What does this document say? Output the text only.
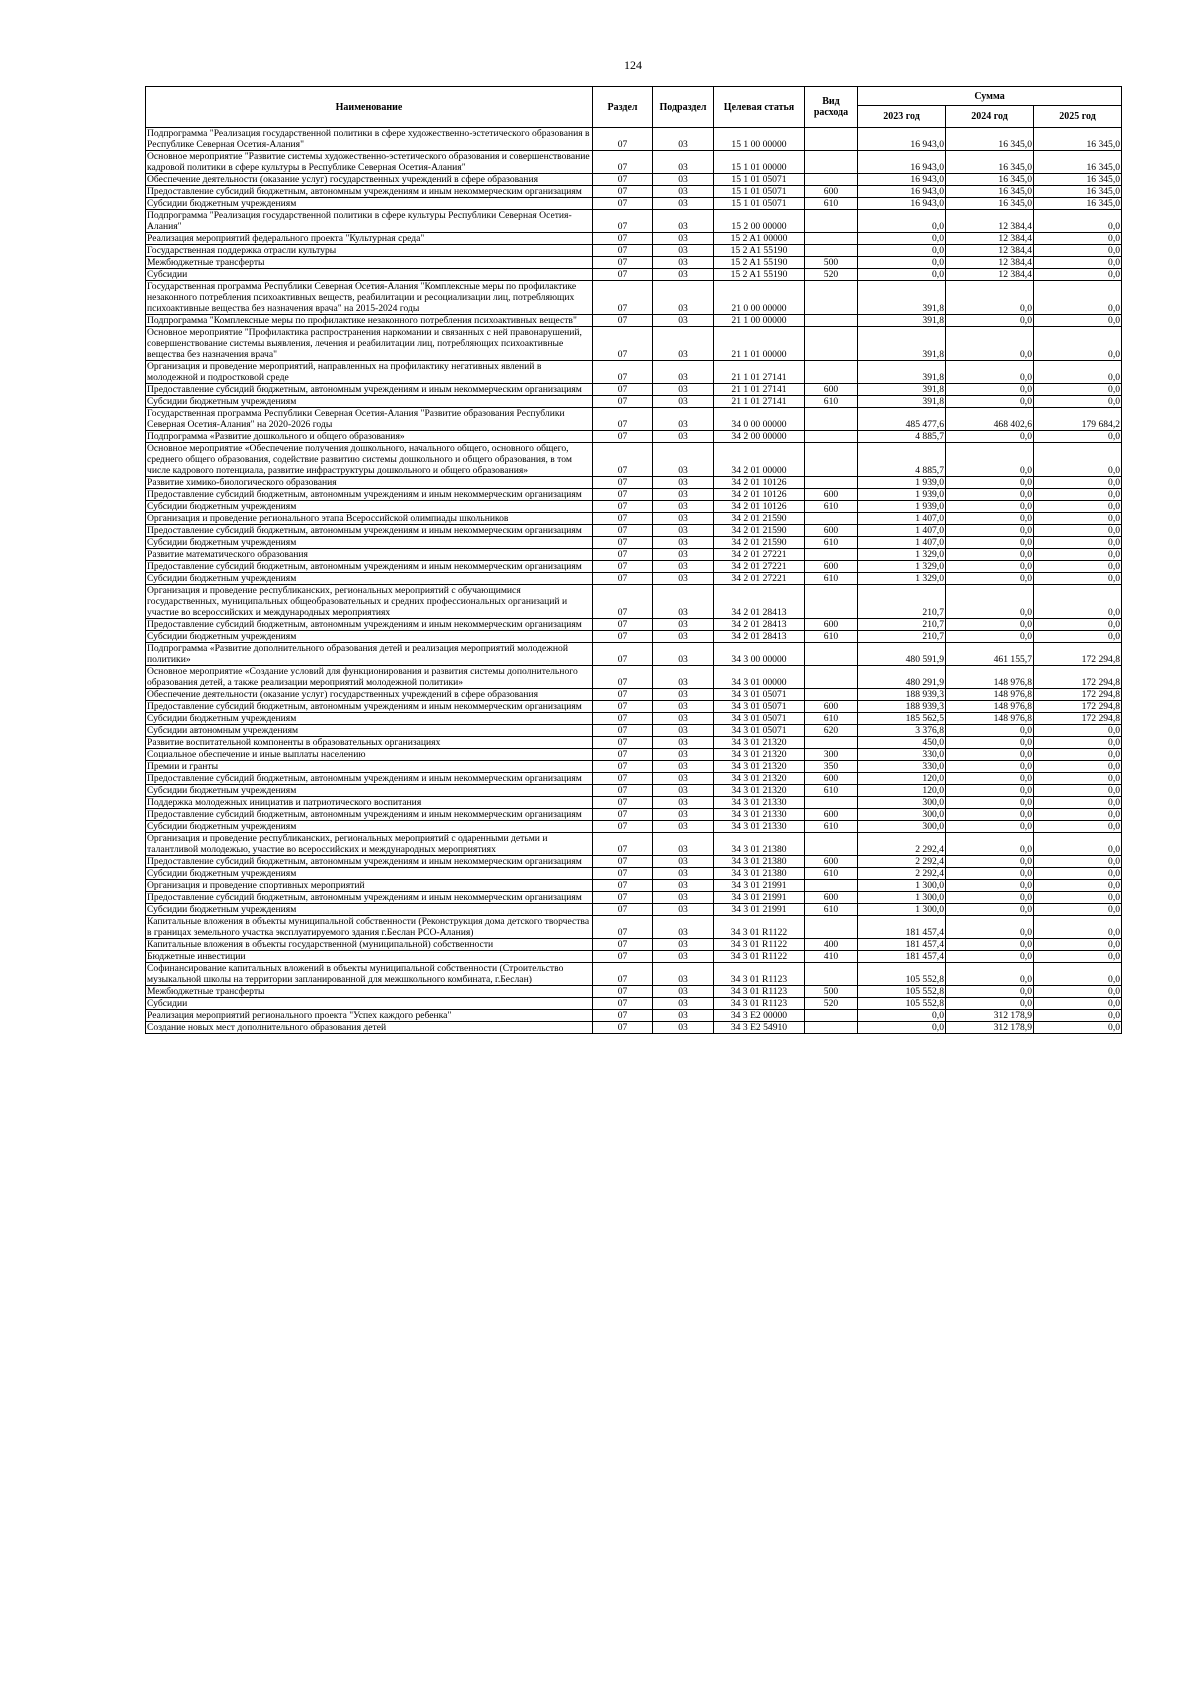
124
Наименование	Раздел	Подраздел	Целевая статья	Вид расхода	Сумма		
					2023 год	2024 год	2025 год
Подпрограмма "Реализация государственной политики в сфере художественно-эстетического образования в Республике Северная Осетия-Алания"	07	03	15 1 00 00000		16 943,0	16 345,0	16 345,0
Основное мероприятие "Развитие системы художественно-эстетического образования и совершенствование кадровой политики в сфере культуры в Республике Северная Осетия-Алания"	07	03	15 1 01 00000		16 943,0	16 345,0	16 345,0
Обеспечение деятельности (оказание услуг) государственных учреждений в сфере образования	07	03	15 1 01 05071		16 943,0	16 345,0	16 345,0
Предоставление субсидий бюджетным, автономным учреждениям и иным некоммерческим организациям	07	03	15 1 01 05071	600	16 943,0	16 345,0	16 345,0
Субсидии бюджетным учреждениям	07	03	15 1 01 05071	610	16 943,0	16 345,0	16 345,0
Подпрограмма "Реализация государственной политики в сфере культуры Республики Северная Осетия-Алания"	07	03	15 2 00 00000		0,0	12 384,4	0,0
Реализация мероприятий федерального проекта "Культурная среда"	07	03	15 2 A1 00000		0,0	12 384,4	0,0
Государственная поддержка отрасли культуры	07	03	15 2 A1 55190		0,0	12 384,4	0,0
Межбюджетные трансферты	07	03	15 2 A1 55190	500	0,0	12 384,4	0,0
Субсидии	07	03	15 2 A1 55190	520	0,0	12 384,4	0,0
Государственная программа Республики Северная Осетия-Алания "Комплексные меры по профилактике незаконного потребления психоактивных веществ, реабилитации и ресоциализации лиц, потребляющих психоактивные вещества без назначения врача" на 2015-2024 годы	07	03	21 0 00 00000		391,8	0,0	0,0
Подпрограмма "Комплексные меры по профилактике незаконного потребления психоактивных веществ"	07	03	21 1 00 00000		391,8	0,0	0,0
Основное мероприятие "Профилактика распространения наркомании и связанных с ней правонарушений, совершенствование системы выявления, лечения и реабилитации лиц, потребляющих психоактивные вещества без назначения врача"	07	03	21 1 01 00000		391,8	0,0	0,0
Организация и проведение мероприятий, направленных на профилактику негативных явлений в молодежной и подростковой среде	07	03	21 1 01 27141		391,8	0,0	0,0
Предоставление субсидий бюджетным, автономным учреждениям и иным некоммерческим организациям	07	03	21 1 01 27141	600	391,8	0,0	0,0
Субсидии бюджетным учреждениям	07	03	21 1 01 27141	610	391,8	0,0	0,0
Государственная программа Республики Северная Осетия-Алания "Развитие образования Республики Северная Осетия-Алания" на 2020-2026 годы	07	03	34 0 00 00000		485 477,6	468 402,6	179 684,2
Подпрограмма «Развитие дошкольного и общего образования»	07	03	34 2 00 00000		4 885,7	0,0	0,0
Основное мероприятие «Обеспечение получения дошкольного, начального общего, основного общего, среднего общего образования, содействие развитию системы дошкольного и общего образования, в том числе кадрового потенциала, развитие инфраструктуры дошкольного и общего образования»	07	03	34 2 01 00000		4 885,7	0,0	0,0
Развитие химико-биологического образования	07	03	34 2 01 10126		1 939,0	0,0	0,0
Предоставление субсидий бюджетным, автономным учреждениям и иным некоммерческим организациям	07	03	34 2 01 10126	600	1 939,0	0,0	0,0
Субсидии бюджетным учреждениям	07	03	34 2 01 10126	610	1 939,0	0,0	0,0
Организация и проведение регионального этапа Всероссийской олимпиады школьников	07	03	34 2 01 21590		1 407,0	0,0	0,0
Предоставление субсидий бюджетным, автономным учреждениям и иным некоммерческим организациям	07	03	34 2 01 21590	600	1 407,0	0,0	0,0
Субсидии бюджетным учреждениям	07	03	34 2 01 21590	610	1 407,0	0,0	0,0
Развитие математического образования	07	03	34 2 01 27221		1 329,0	0,0	0,0
Предоставление субсидий бюджетным, автономным учреждениям и иным некоммерческим организациям	07	03	34 2 01 27221	600	1 329,0	0,0	0,0
Субсидии бюджетным учреждениям	07	03	34 2 01 27221	610	1 329,0	0,0	0,0
Организация и проведение республиканских, региональных мероприятий с обучающимися государственных, муниципальных общеобразовательных и средних профессиональных организаций и участие во всероссийских и международных мероприятиях	07	03	34 2 01 28413		210,7	0,0	0,0
Предоставление субсидий бюджетным, автономным учреждениям и иным некоммерческим организациям	07	03	34 2 01 28413	600	210,7	0,0	0,0
Субсидии бюджетным учреждениям	07	03	34 2 01 28413	610	210,7	0,0	0,0
Подпрограмма «Развитие дополнительного образования детей и реализация мероприятий молодежной политики»	07	03	34 3 00 00000		480 591,9	461 155,7	172 294,8
Основное мероприятие «Создание условий для функционирования и развития системы дополнительного образования детей, а также реализации мероприятий молодежной политики»	07	03	34 3 01 00000		480 291,9	148 976,8	172 294,8
Обеспечение деятельности (оказание услуг) государственных учреждений в сфере образования	07	03	34 3 01 05071		188 939,3	148 976,8	172 294,8
Предоставление субсидий бюджетным, автономным учреждениям и иным некоммерческим организациям	07	03	34 3 01 05071	600	188 939,3	148 976,8	172 294,8
Субсидии бюджетным учреждениям	07	03	34 3 01 05071	610	185 562,5	148 976,8	172 294,8
Субсидии автономным учреждениям	07	03	34 3 01 05071	620	3 376,8	0,0	0,0
Развитие воспитательной компоненты в образовательных организациях	07	03	34 3 01 21320		450,0	0,0	0,0
Социальное обеспечение и иные выплаты населению	07	03	34 3 01 21320	300	330,0	0,0	0,0
Премии и гранты	07	03	34 3 01 21320	350	330,0	0,0	0,0
Предоставление субсидий бюджетным, автономным учреждениям и иным некоммерческим организациям	07	03	34 3 01 21320	600	120,0	0,0	0,0
Субсидии бюджетным учреждениям	07	03	34 3 01 21320	610	120,0	0,0	0,0
Поддержка молодежных инициатив и патриотического воспитания	07	03	34 3 01 21330		300,0	0,0	0,0
Предоставление субсидий бюджетным, автономным учреждениям и иным некоммерческим организациям	07	03	34 3 01 21330	600	300,0	0,0	0,0
Субсидии бюджетным учреждениям	07	03	34 3 01 21330	610	300,0	0,0	0,0
Организация и проведение республиканских, региональных мероприятий с одаренными детьми и талантливой молодежью, участие во всероссийских и международных мероприятиях	07	03	34 3 01 21380		2 292,4	0,0	0,0
Предоставление субсидий бюджетным, автономным учреждениям и иным некоммерческим организациям	07	03	34 3 01 21380	600	2 292,4	0,0	0,0
Субсидии бюджетным учреждениям	07	03	34 3 01 21380	610	2 292,4	0,0	0,0
Организация и проведение спортивных мероприятий	07	03	34 3 01 21991		1 300,0	0,0	0,0
Предоставление субсидий бюджетным, автономным учреждениям и иным некоммерческим организациям	07	03	34 3 01 21991	600	1 300,0	0,0	0,0
Субсидии бюджетным учреждениям	07	03	34 3 01 21991	610	1 300,0	0,0	0,0
Капитальные вложения в объекты муниципальной собственности (Реконструкция дома детского творчества в границах земельного участка эксплуатируемого здания г.Беслан РСО-Алания)	07	03	34 3 01 R1122		181 457,4	0,0	0,0
Капитальные вложения в объекты государственной (муниципальной) собственности	07	03	34 3 01 R1122	400	181 457,4	0,0	0,0
Бюджетные инвестиции	07	03	34 3 01 R1122	410	181 457,4	0,0	0,0
Софинансирование капитальных вложений в объекты муниципальной собственности (Строительство музыкальной школы на территории запланированной для межшкольного комбината, г.Беслан)	07	03	34 3 01 R1123		105 552,8	0,0	0,0
Межбюджетные трансферты	07	03	34 3 01 R1123	500	105 552,8	0,0	0,0
Субсидии	07	03	34 3 01 R1123	520	105 552,8	0,0	0,0
Реализация мероприятий регионального проекта "Успех каждого ребенка"	07	03	34 3 E2 00000		0,0	312 178,9	0,0
Создание новых мест дополнительного образования детей	07	03	34 3 E2 54910		0,0	312 178,9	0,0
